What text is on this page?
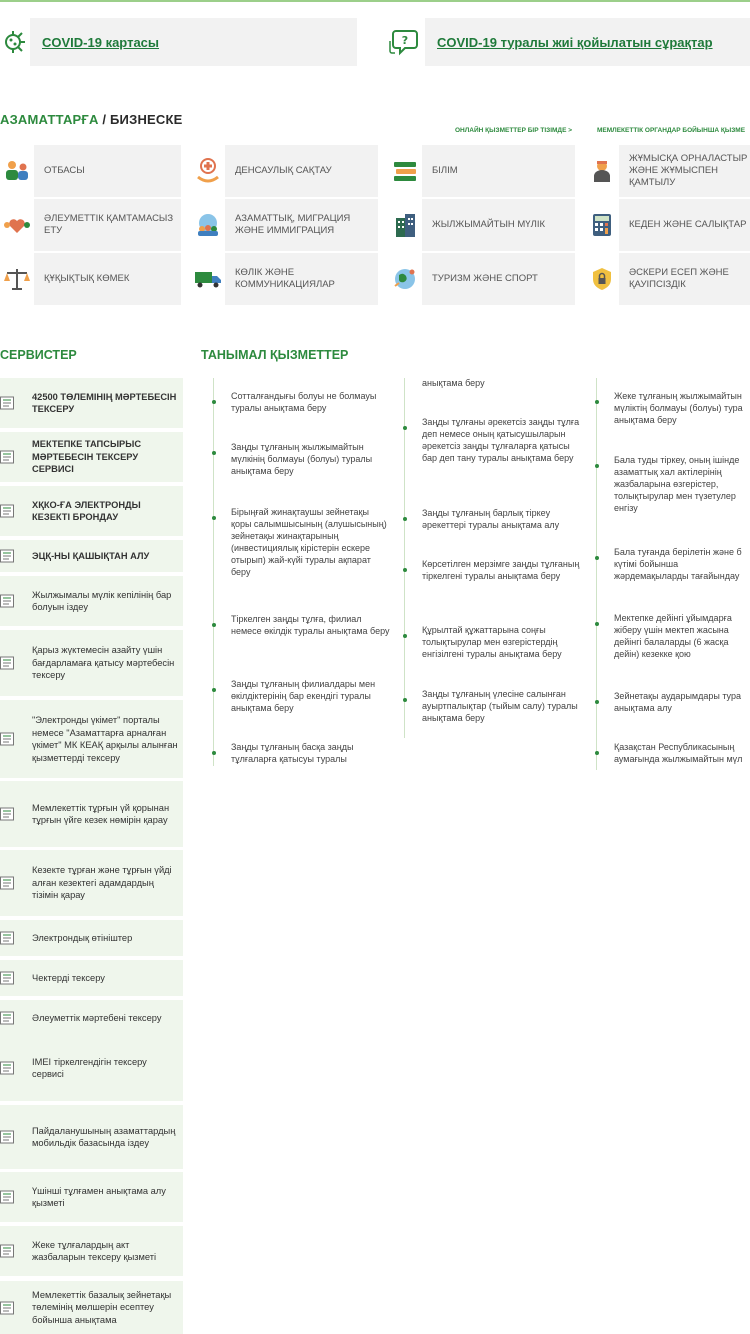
COVID-19 картасы	? COVID-19 туралы жиі қойылатын сұрақтар
АЗАМАТТАРҒА / БИЗНЕСКЕ
ОНЛАЙН ҚЫЗМЕТТЕР БІР ТІЗІМДЕ >	МЕМЛЕКЕТТІК ОРГАНДАР БОЙЫНША ҚЫЗМЕ
ОТБАСЫ	ДЕНСАУЛЫҚ САҚТАУ	БІЛІМ
ЖҰМЫСҚА ОРНАЛАСТЫР ЖӘНЕ ЖҰМЫСПЕН ҚАМТЫЛУ
ӘЛЕУМЕТТІК ҚАМТАМАСЫЗ ЕТУ
АЗАМАТТЫҚ, МИГРАЦИЯ ЖӘНЕ ИММИГРАЦИЯ
ЖЫЛЖЫМАЙТЫН МҮЛІК	КЕДЕН ЖӘНЕ САЛЫҚТАР
ҚҰҚЫҚТЫҚ КӨМЕК
КӨЛІК ЖӘНЕ КОММУНИКАЦИЯЛАР
ТУРИЗМ ЖӘНЕ СПОРТ
ӘСКЕРИ ЕСЕП ЖӘНЕ ҚАУІПСІЗДІК
СЕРВИСТЕР	ТАНЫМАЛ ҚЫЗМЕТТЕР
42500 ТӨЛЕМІНІҢ МӘРТЕБЕСІН ТЕКСЕРУ
МЕКТЕПКЕ ТАПСЫРЫС МӘРТЕБЕСІН ТЕКСЕРУ СЕРВИСІ
ХҚКО-ҒА ЭЛЕКТРОНДЫ КЕЗЕКТІ БРОНДАУ
ЭЦҚ-НЫ ҚАШЫҚТАН АЛУ
Жылжымалы мүлік кепілінің бар болуын іздеу
Қарыз жүктемесін азайту үшін бағдарламаға қатысу мәртебесін тексеру
"Электронды үкімет" порталы немесе "Азаматтарға арналған үкімет" МК КЕАҚ арқылы алынған қызметтерді тексеру
Мемлекеттік тұрғын үй қорынан тұрғын үйге кезек нөмірін қарау
Кезекте тұрған және тұрғын үйді алған кезектегі адамдардың тізімін қарау
Электрондық өтініштер
Чектерді тексеру
Әлеуметтік мәртебені тексеру
IMEI тіркелгендігін тексеру сервисі
Пайдаланушының азаматтардың мобильдік базасында іздеу
Үшінші тұлғамен анықтама алу қызметі
Жеке тұлғалардың акт жазбаларын тексеру қызметі
Мемлекеттік базалық зейнетақы төлемінің мөлшерін есептеу бойынша анықтама
Сотталғандығы болуы не болмауы туралы анықтама беру
Заңды тұлғаның жылжымайтын мүлкінің болмауы (болуы) туралы анықтама беру
Бірыңғай жинақтаушы зейнетақы қоры салымшысының (алушысының) зейнетақы жинақтарының (инвестициялық кірістерін ескере отырып) жай-күйі туралы ақпарат беру
Тіркелген заңды тұлға, филиал немесе өкілдік туралы анықтама беру
Заңды тұлғаның филиалдары мен өкілдіктерінің бар екендігі туралы анықтама беру
Заңды тұлғаның басқа заңды тұлғаларға қатысуы туралы
анықтама беру
Заңды тұлғаны әрекетсіз заңды тұлға деп немесе оның қатысушыларын әрекетсіз заңды тұлғаларға қатысы бар деп тану туралы анықтама беру
Заңды тұлғаның барлық тіркеу әрекеттері туралы анықтама алу
Көрсетілген мерзімге заңды тұлғаның тіркелгені туралы анықтама беру
Құрылтай құжаттарына соңғы толықтырулар мен өзгерістердің енгізілгені туралы анықтама беру
Заңды тұлғаның үлесіне салынған ауыртпалықтар (тыйым салу) туралы анықтама беру
Жеке тұлғаның жылжымайтын мүліктің болмауы (болуы) тура анықтама беру
Бала туды тіркеу, оның ішінде азаматтық хал актілерінің жазбаларына өзгерістер, толықтырулар мен түзетулер енгізу
Бала туғанда берілетін және б күтімі бойынша жәрдемақыларды тағайындау
Мектепке дейінгі ұйымдарға жіберу үшін мектеп жасына дейінгі балаларды (6 жасқа дейін) кезекке қою
Зейнетақы аударымдары тура анықтама алу
Қазақстан Республикасының аумағында жылжымайтын мүл
